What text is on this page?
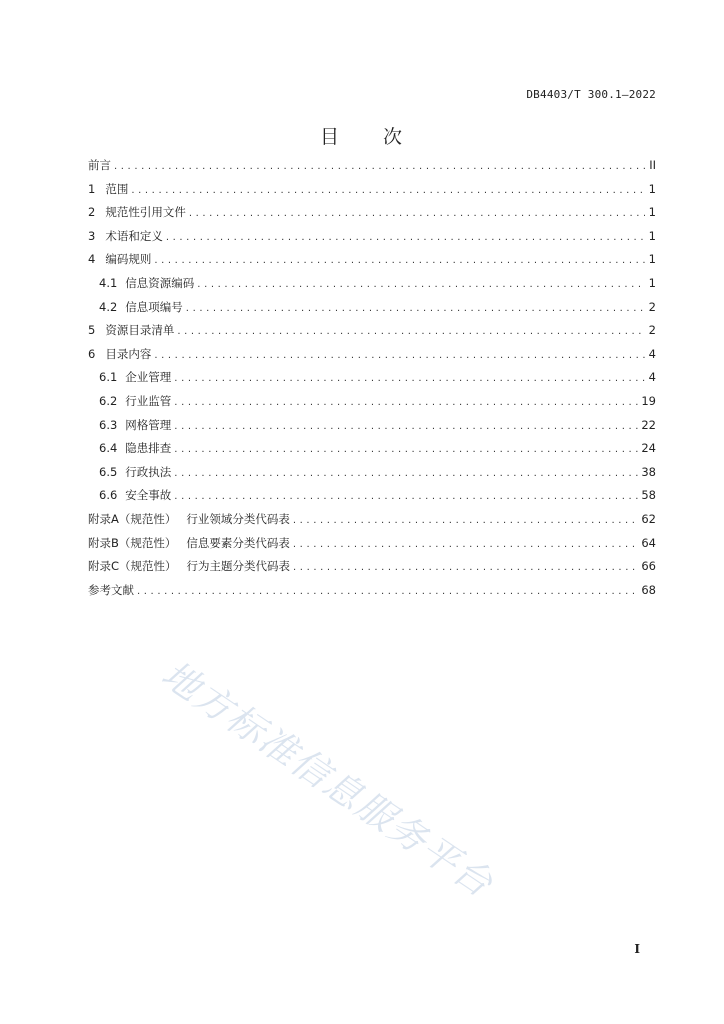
DB4403/T 300.1—2022
目　　次
前言 .....	II
1 范围 .....	1
2 规范性引用文件 .....	1
3 术语和定义 .....	1
4 编码规则 .....	1
4.1 信息资源编码 .....	1
4.2 信息项编号 .....	2
5 资源目录清单 .....	2
6 目录内容 .....	4
6.1 企业管理 .....	4
6.2 行业监管 .....	19
6.3 网格管理 .....	22
6.4 隐患排查 .....	24
6.5 行政执法 .....	38
6.6 安全事故 .....	58
附录A（规范性） 行业领域分类代码表 .....	62
附录B（规范性） 信息要素分类代码表 .....	64
附录C（规范性） 行为主题分类代码表 .....	66
参考文献 .....	68
地方标准信息服务平台
I
